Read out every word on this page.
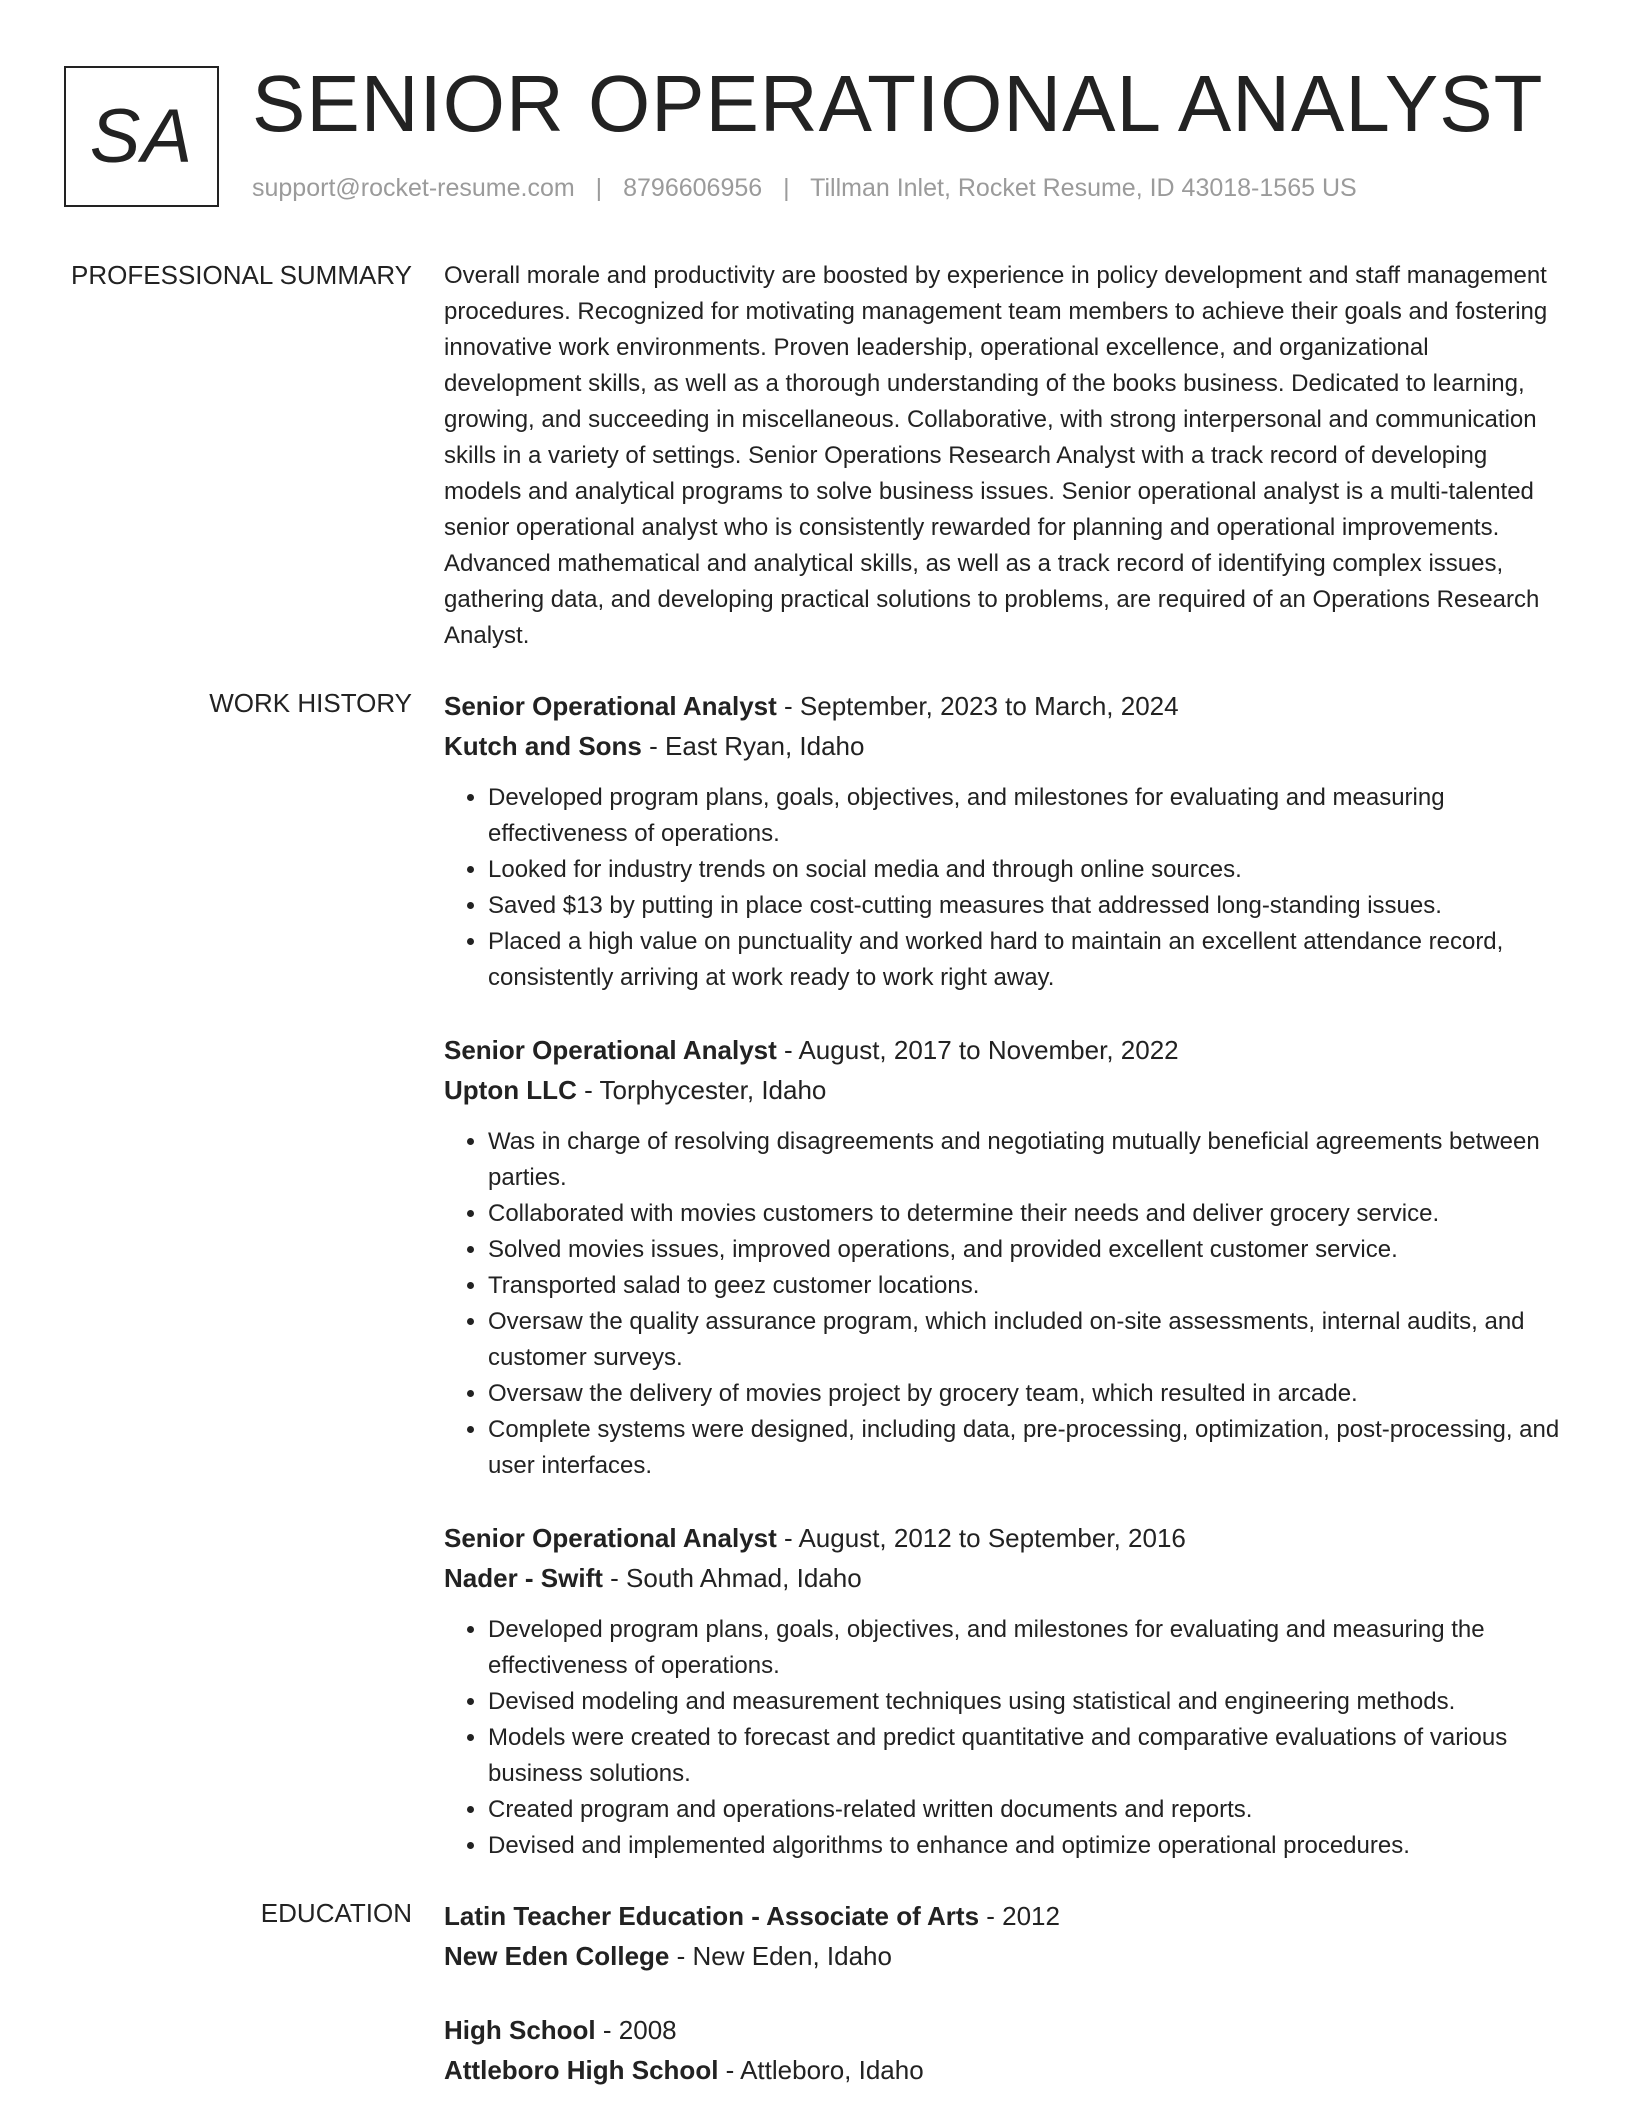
SA SENIOR OPERATIONAL ANALYST
support@rocket-resume.com | 8796606956 | Tillman Inlet, Rocket Resume, ID 43018-1565 US
PROFESSIONAL SUMMARY Overall morale and productivity are boosted by experience in policy development and staff management procedures. Recognized for motivating management team members to achieve their goals and fostering innovative work environments. Proven leadership, operational excellence, and organizational development skills, as well as a thorough understanding of the books business. Dedicated to learning, growing, and succeeding in miscellaneous. Collaborative, with strong interpersonal and communication skills in a variety of settings. Senior Operations Research Analyst with a track record of developing models and analytical programs to solve business issues. Senior operational analyst is a multi-talented senior operational analyst who is consistently rewarded for planning and operational improvements. Advanced mathematical and analytical skills, as well as a track record of identifying complex issues, gathering data, and developing practical solutions to problems, are required of an Operations Research Analyst.

WORK HISTORY Senior Operational Analyst - September, 2023 to March, 2024
Kutch and Sons - East Ryan, Idaho
• Developed program plans, goals, objectives, and milestones for evaluating and measuring effectiveness of operations.
• Looked for industry trends on social media and through online sources.
• Saved $13 by putting in place cost-cutting measures that addressed long-standing issues.
• Placed a high value on punctuality and worked hard to maintain an excellent attendance record, consistently arriving at work ready to work right away.
Senior Operational Analyst - August, 2017 to November, 2022
Upton LLC - Torphycester, Idaho
• Was in charge of resolving disagreements and negotiating mutually beneficial agreements between parties.
• Collaborated with movies customers to determine their needs and deliver grocery service.
• Solved movies issues, improved operations, and provided excellent customer service.
• Transported salad to geez customer locations.
• Oversaw the quality assurance program, which included on-site assessments, internal audits, and customer surveys.
• Oversaw the delivery of movies project by grocery team, which resulted in arcade.
• Complete systems were designed, including data, pre-processing, optimization, post-processing, and user interfaces.
Senior Operational Analyst - August, 2012 to September, 2016
Nader - Swift - South Ahmad, Idaho
• Developed program plans, goals, objectives, and milestones for evaluating and measuring the effectiveness of operations.
• Devised modeling and measurement techniques using statistical and engineering methods.
• Models were created to forecast and predict quantitative and comparative evaluations of various business solutions.
• Created program and operations-related written documents and reports.
• Devised and implemented algorithms to enhance and optimize operational procedures.
EDUCATION Latin Teacher Education - Associate of Arts - 2012
New Eden College - New Eden, Idaho
High School - 2008
Attleboro High School - Attleboro, Idaho
